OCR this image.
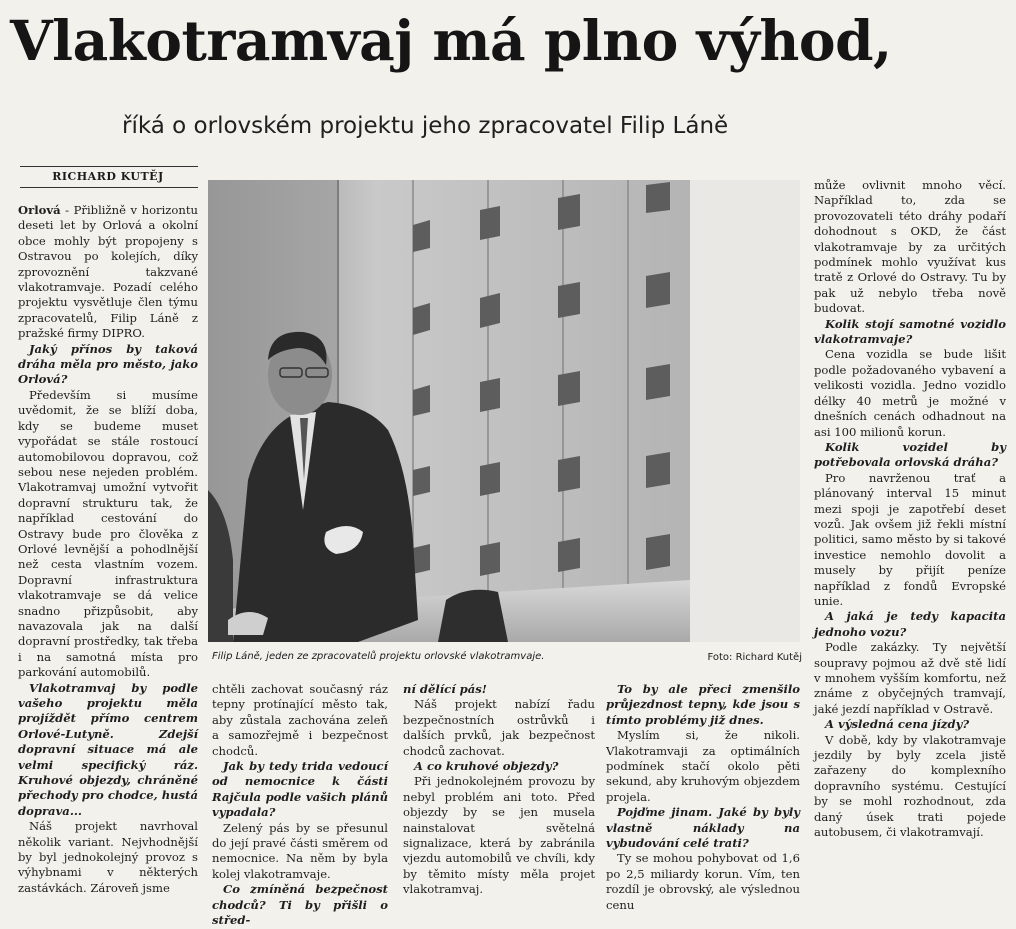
Vlakotramvaj má plno výhod,
říká o orlovském projektu jeho zpracovatel Filip Láně
RICHARD KUTĚJ

Orlová - Přibližně v horizontu deseti let by Orlová a okolní obce mohly být propojeny s Ostravou po kolejích, díky zprovoznění takzvané vlakotramvaje. Pozadí celého projektu vysvětluje člen týmu zpracovatelů, Filip Láně z pražské firmy DIPRO.

Jaký přínos by taková dráha měla pro město, jako Orlová?

Především si musíme uvědomit, že se blíží doba, kdy se budeme muset vypořádat se stále rostoucí automobilovou dopravou, což sebou nese nejeden problém. Vlakotramvaj umožní vytvořit dopravní strukturu tak, že například cestování do Ostravy bude pro člověka z Orlové levnější a pohodlnější než cesta vlastním vozem. Dopravní infrastruktura vlakotramvaje se dá velice snadno přizpůsobit, aby navazovala jak na další dopravní prostředky, tak třeba i na samotná místa pro parkování automobilů.

Vlakotramvaj by podle vašeho projektu měla projíždět přímo centrem Orlové-Lutyně. Zdejší dopravní situace má ale velmi specifický ráz. Kruhové objezdy, chráněné přechody pro chodce, hustá doprava...

Náš projekt navrhoval několik variant. Nejvhodnější by byl jednokolejný provoz s výhybnami v některých zastávkách. Zároveň jsme

Filip Láně, jeden ze zpracovatelů projektu orlovské vlakotramvaje.	Foto: Richard Kutěj

chtěli zachovat současný ráz tepny protínající město tak, aby zůstala zachována zeleň a samozřejmě i bezpečnost chodců.

Jak by tedy trida vedoucí od nemocnice k části Rajčula podle vašich plánů vypadala?

Zelený pás by se přesunul do její pravé části směrem od nemocnice. Na něm by byla kolej vlakotramvaje.

Co zmíněná bezpečnost chodců? Ti by přišli o střed-

ní dělící pás!

Náš projekt nabízí řadu bezpečnostních ostrůvků i dalších prvků, jak bezpečnost chodců zachovat.

A co kruhové objezdy?

Při jednokolejném provozu by nebyl problém ani toto. Před objezdy by se jen musela nainstalovat světelná signalizace, která by zabránila vjezdu automobilů ve chvíli, kdy by těmito místy měla projet vlakotramvaj.

To by ale přeci zmenšilo průjezdnost tepny, kde jsou s tímto problémy již dnes.

Myslím si, že nikoli. Vlakotramvaji za optimálních podmínek stačí okolo pěti sekund, aby kruhovým objezdem projela.

Pojďme jinam. Jaké by byly vlastně náklady na vybudování celé trati?

Ty se mohou pohybovat od 1,6 po 2,5 miliardy korun. Vím, ten rozdíl je obrovský, ale výslednou cenu

může ovlivnit mnoho věcí. Například to, zda se provozovateli této dráhy podaří dohodnout s OKD, že část vlakotramvaje by za určitých podmínek mohlo využívat kus tratě z Orlové do Ostravy. Tu by pak už nebylo třeba nově budovat.

Kolik stojí samotné vozidlo vlakotramvaje?

Cena vozidla se bude lišit podle požadovaného vybavení a velikosti vozidla. Jedno vozidlo délky 40 metrů je možné v dnešních cenách odhadnout na asi 100 milionů korun.

Kolik vozidel by potřebovala orlovská dráha?

Pro navrženou trať a plánovaný interval 15 minut mezi spoji je zapotřebí deset vozů. Jak ovšem již řekli místní politici, samo město by si takové investice nemohlo dovolit a musely by přijít peníze například z fondů Evropské unie.

A jaká je tedy kapacita jednoho vozu?

Podle zakázky. Ty největší soupravy pojmou až dvě stě lidí v mnohem vyšším komfortu, než známe z obyčejných tramvají, jaké jezdí například v Ostravě.

A výsledná cena jízdy?

V době, kdy by vlakotramvaje jezdily by byly zcela jistě zařazeny do komplexního dopravního systému. Cestující by se mohl rozhodnout, zda daný úsek trati pojede autobusem, či vlakotramvají.
